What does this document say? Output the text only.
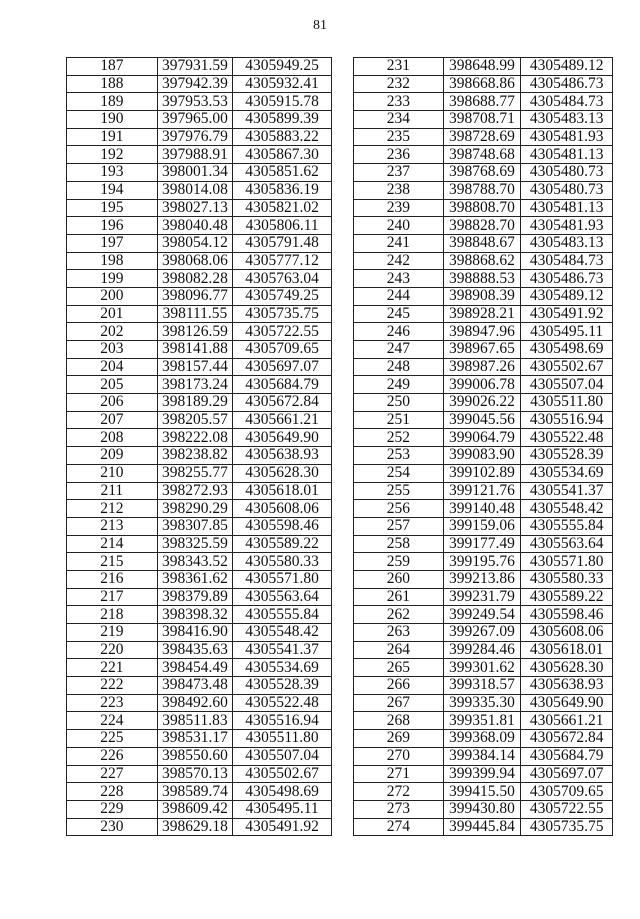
81
187	397931.59	4305949.25
188	397942.39	4305932.41
189	397953.53	4305915.78
190	397965.00	4305899.39
191	397976.79	4305883.22
192	397988.91	4305867.30
193	398001.34	4305851.62
194	398014.08	4305836.19
195	398027.13	4305821.02
196	398040.48	4305806.11
197	398054.12	4305791.48
198	398068.06	4305777.12
199	398082.28	4305763.04
200	398096.77	4305749.25
201	398111.55	4305735.75
202	398126.59	4305722.55
203	398141.88	4305709.65
204	398157.44	4305697.07
205	398173.24	4305684.79
206	398189.29	4305672.84
207	398205.57	4305661.21
208	398222.08	4305649.90
209	398238.82	4305638.93
210	398255.77	4305628.30
211	398272.93	4305618.01
212	398290.29	4305608.06
213	398307.85	4305598.46
214	398325.59	4305589.22
215	398343.52	4305580.33
216	398361.62	4305571.80
217	398379.89	4305563.64
218	398398.32	4305555.84
219	398416.90	4305548.42
220	398435.63	4305541.37
221	398454.49	4305534.69
222	398473.48	4305528.39
223	398492.60	4305522.48
224	398511.83	4305516.94
225	398531.17	4305511.80
226	398550.60	4305507.04
227	398570.13	4305502.67
228	398589.74	4305498.69
229	398609.42	4305495.11
230	398629.18	4305491.92
231	398648.99	4305489.12
232	398668.86	4305486.73
233	398688.77	4305484.73
234	398708.71	4305483.13
235	398728.69	4305481.93
236	398748.68	4305481.13
237	398768.69	4305480.73
238	398788.70	4305480.73
239	398808.70	4305481.13
240	398828.70	4305481.93
241	398848.67	4305483.13
242	398868.62	4305484.73
243	398888.53	4305486.73
244	398908.39	4305489.12
245	398928.21	4305491.92
246	398947.96	4305495.11
247	398967.65	4305498.69
248	398987.26	4305502.67
249	399006.78	4305507.04
250	399026.22	4305511.80
251	399045.56	4305516.94
252	399064.79	4305522.48
253	399083.90	4305528.39
254	399102.89	4305534.69
255	399121.76	4305541.37
256	399140.48	4305548.42
257	399159.06	4305555.84
258	399177.49	4305563.64
259	399195.76	4305571.80
260	399213.86	4305580.33
261	399231.79	4305589.22
262	399249.54	4305598.46
263	399267.09	4305608.06
264	399284.46	4305618.01
265	399301.62	4305628.30
266	399318.57	4305638.93
267	399335.30	4305649.90
268	399351.81	4305661.21
269	399368.09	4305672.84
270	399384.14	4305684.79
271	399399.94	4305697.07
272	399415.50	4305709.65
273	399430.80	4305722.55
274	399445.84	4305735.75
